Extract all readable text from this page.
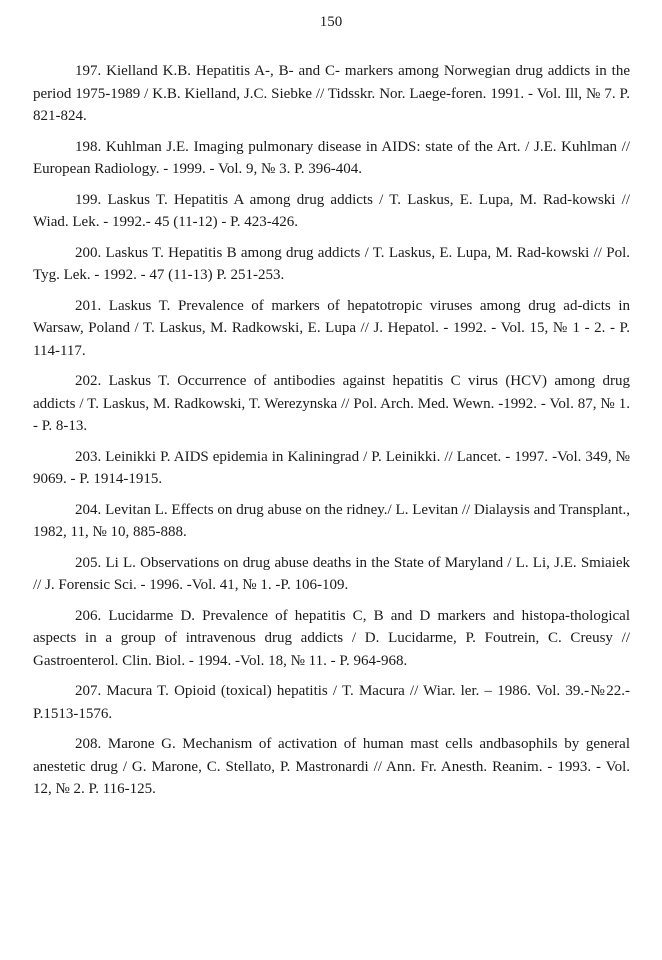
150
197. Kielland K.B. Hepatitis A-, B- and C- markers among Norwegian drug addicts in the period 1975-1989 / K.B. Kielland, J.C. Siebke // Tidsskr. Nor. Laege-foren. 1991. - Vol. Ill, № 7. P. 821-824.
198. Kuhlman J.E. Imaging pulmonary disease in AIDS: state of the Art. / J.E. Kuhlman // European Radiology. - 1999. - Vol. 9, № 3. P. 396-404.
199. Laskus T. Hepatitis A among drug addicts / T. Laskus, E. Lupa, M. Rad-kowski // Wiad. Lek. - 1992.- 45 (11-12) - P. 423-426.
200. Laskus T. Hepatitis B among drug addicts / T. Laskus, E. Lupa, M. Rad-kowski // Pol. Tyg. Lek. - 1992. - 47 (11-13) P. 251-253.
201. Laskus T. Prevalence of markers of hepatotropic viruses among drug ad-dicts in Warsaw, Poland / T. Laskus, M. Radkowski, E. Lupa // J. Hepatol. - 1992. - Vol. 15, № 1 - 2. - P. 114-117.
202. Laskus T. Occurrence of antibodies against hepatitis C virus (HCV) among drug addicts / T. Laskus, M. Radkowski, T. Werezynska // Pol. Arch. Med. Wewn. -1992. - Vol. 87, № 1. - P. 8-13.
203. Leinikki P. AIDS epidemia in Kaliningrad / P. Leinikki. // Lancet. - 1997. -Vol. 349, № 9069. - P. 1914-1915.
204. Levitan L. Effects on drug abuse on the ridney./ L. Levitan // Dialaysis and Transplant., 1982, 11, № 10, 885-888.
205. Li L. Observations on drug abuse deaths in the State of Maryland / L. Li, J.E. Smiaiek // J. Forensic Sci. - 1996. -Vol. 41, № 1. -P. 106-109.
206. Lucidarme D. Prevalence of hepatitis C, B and D markers and histopa-thological aspects in a group of intravenous drug addicts / D. Lucidarme, P. Foutrein, C. Creusy // Gastroenterol. Clin. Biol. - 1994. -Vol. 18, № 11. - P. 964-968.
207. Macura T. Opioid (toxical) hepatitis / T. Macura // Wiar. ler. – 1986. Vol. 39.-№22.- P.1513-1576.
208. Marone G. Mechanism of activation of human mast cells andbasophils by general anestetic drug / G. Marone, C. Stellato, P. Mastronardi // Ann. Fr. Anesth. Reanim. - 1993. - Vol. 12, № 2. P. 116-125.
